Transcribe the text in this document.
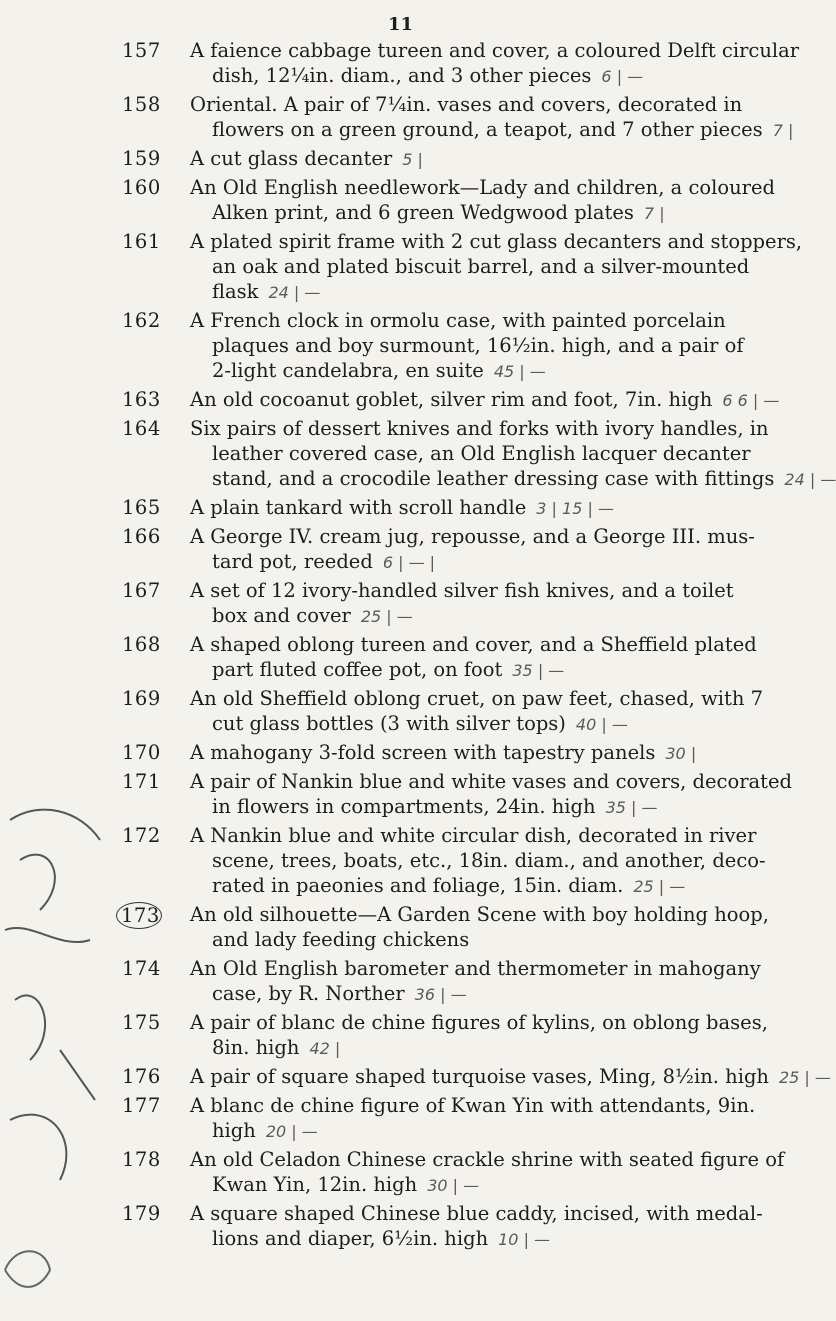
11
157 A faience cabbage tureen and cover, a coloured Delft circular
dish, 12¼in. diam., and 3 other pieces 6 | —
158 Oriental. A pair of 7¼in. vases and covers, decorated in
flowers on a green ground, a teapot, and 7 other pieces 7 |
159 A cut glass decanter 5 |
160 An Old English needlework—Lady and children, a coloured
Alken print, and 6 green Wedgwood plates 7 |
161 A plated spirit frame with 2 cut glass decanters and stoppers,
an oak and plated biscuit barrel, and a silver-mounted
flask 24 | —
162 A French clock in ormolu case, with painted porcelain
plaques and boy surmount, 16½in. high, and a pair of
2-light candelabra, en suite 45 | —
163 An old cocoanut goblet, silver rim and foot, 7in. high 6 6 | —
164 Six pairs of dessert knives and forks with ivory handles, in
leather covered case, an Old English lacquer decanter
stand, and a crocodile leather dressing case with fittings 24 | —
165 A plain tankard with scroll handle 3 | 15 | —
166 A George IV. cream jug, repousse, and a George III. mus-
tard pot, reeded 6 | — |
167 A set of 12 ivory-handled silver fish knives, and a toilet
box and cover 25 | —
168 A shaped oblong tureen and cover, and a Sheffield plated
part fluted coffee pot, on foot 35 | —
169 An old Sheffield oblong cruet, on paw feet, chased, with 7
cut glass bottles (3 with silver tops) 40 | —
170 A mahogany 3-fold screen with tapestry panels 30 |
171 A pair of Nankin blue and white vases and covers, decorated
in flowers in compartments, 24in. high 35 | —
172 A Nankin blue and white circular dish, decorated in river
scene, trees, boats, etc., 18in. diam., and another, deco-
rated in paeonies and foliage, 15in. diam. 25 | —
173 An old silhouette—A Garden Scene with boy holding hoop,
and lady feeding chickens
174 An Old English barometer and thermometer in mahogany
case, by R. Norther 36 | —
175 A pair of blanc de chine figures of kylins, on oblong bases,
8in. high 42 |
176 A pair of square shaped turquoise vases, Ming, 8½in. high 25 | —
177 A blanc de chine figure of Kwan Yin with attendants, 9in.
high 20 | —
178 An old Celadon Chinese crackle shrine with seated figure of
Kwan Yin, 12in. high 30 | —
179 A square shaped Chinese blue caddy, incised, with medal-
lions and diaper, 6½in. high 10 | —
